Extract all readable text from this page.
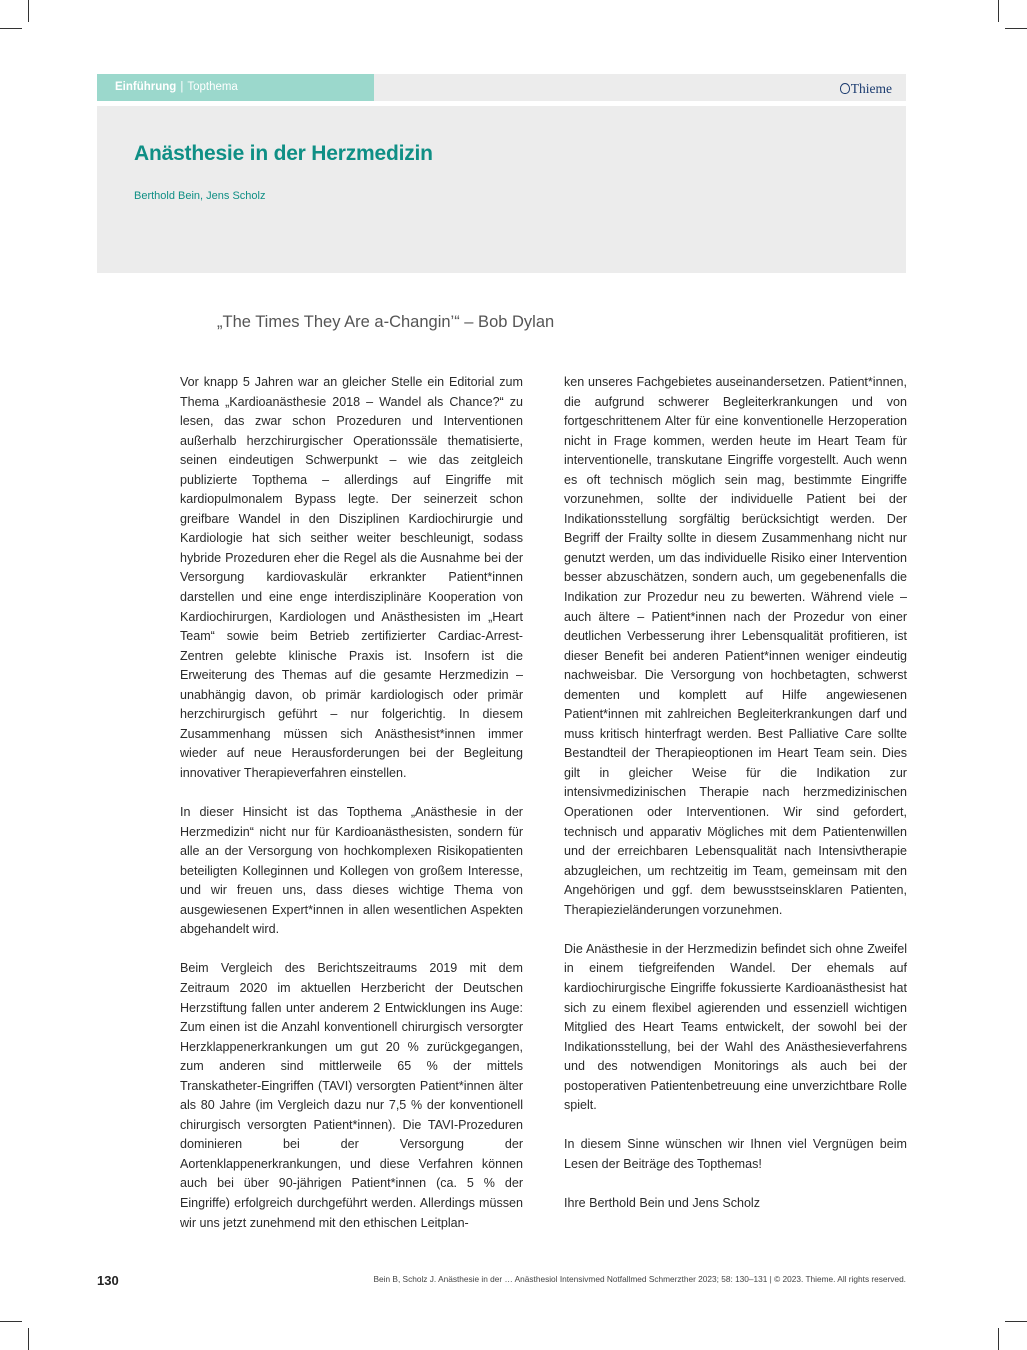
Einführung | Topthema	Thieme
Anästhesie in der Herzmedizin
Berthold Bein, Jens Scholz
„The Times They Are a-Changin’“ – Bob Dylan

Vor knapp 5 Jahren war an gleicher Stelle ein Editorial zum Thema „Kardioanästhesie 2018 – Wandel als Chance?“ zu lesen, das zwar schon Prozeduren und Interventionen außerhalb herzchirurgischer Operationssäle thematisierte, seinen eindeutigen Schwerpunkt – wie das zeitgleich publizierte Topthema – allerdings auf Eingriffe mit kardiopulmonalem Bypass legte. Der seinerzeit schon greifbare Wandel in den Disziplinen Kardiochirurgie und Kardiologie hat sich seither weiter beschleunigt, sodass hybride Prozeduren eher die Regel als die Ausnahme bei der Versorgung kardiovaskulär erkrankter Patient*innen darstellen und eine enge interdisziplinäre Kooperation von Kardiochirurgen, Kardiologen und Anästhesisten im „Heart Team“ sowie beim Betrieb zertifizierter Cardiac-Arrest-Zentren gelebte klinische Praxis ist. Insofern ist die Erweiterung des Themas auf die gesamte Herzmedizin – unabhängig davon, ob primär kardiologisch oder primär herzchirurgisch geführt – nur folgerichtig. In diesem Zusammenhang müssen sich Anästhesist*innen immer wieder auf neue Herausforderungen bei der Begleitung innovativer Therapieverfahren einstellen.

In dieser Hinsicht ist das Topthema „Anästhesie in der Herzmedizin“ nicht nur für Kardioanästhesisten, sondern für alle an der Versorgung von hochkomplexen Risikopatienten beteiligten Kolleginnen und Kollegen von großem Interesse, und wir freuen uns, dass dieses wichtige Thema von ausgewiesenen Expert*innen in allen wesentlichen Aspekten abgehandelt wird.

Beim Vergleich des Berichtszeitraums 2019 mit dem Zeitraum 2020 im aktuellen Herzbericht der Deutschen Herzstiftung fallen unter anderem 2 Entwicklungen ins Auge: Zum einen ist die Anzahl konventionell chirurgisch versorgter Herzklappenerkrankungen um gut 20 % zurückgegangen, zum anderen sind mittlerweile 65 % der mittels Transkatheter-Eingriffen (TAVI) versorgten Patient*innen älter als 80 Jahre (im Vergleich dazu nur 7,5 % der konventionell chirurgisch versorgten Patient*innen). Die TAVI-Prozeduren dominieren bei der Versorgung der Aortenklappenerkrankungen, und diese Verfahren können auch bei über 90-jährigen Patient*innen (ca. 5 % der Eingriffe) erfolgreich durchgeführt werden. Allerdings müssen wir uns jetzt zunehmend mit den ethischen Leitplan-

ken unseres Fachgebietes auseinandersetzen. Patient*innen, die aufgrund schwerer Begleiterkrankungen und von fortgeschrittenem Alter für eine konventionelle Herzoperation nicht in Frage kommen, werden heute im Heart Team für interventionelle, transkutane Eingriffe vorgestellt. Auch wenn es oft technisch möglich sein mag, bestimmte Eingriffe vorzunehmen, sollte der individuelle Patient bei der Indikationsstellung sorgfältig berücksichtigt werden. Der Begriff der Frailty sollte in diesem Zusammenhang nicht nur genutzt werden, um das individuelle Risiko einer Intervention besser abzuschätzen, sondern auch, um gegebenenfalls die Indikation zur Prozedur neu zu bewerten. Während viele – auch ältere – Patient*innen nach der Prozedur von einer deutlichen Verbesserung ihrer Lebensqualität profitieren, ist dieser Benefit bei anderen Patient*innen weniger eindeutig nachweisbar. Die Versorgung von hochbetagten, schwerst dementen und komplett auf Hilfe angewiesenen Patient*innen mit zahlreichen Begleiterkrankungen darf und muss kritisch hinterfragt werden. Best Palliative Care sollte Bestandteil der Therapieoptionen im Heart Team sein. Dies gilt in gleicher Weise für die Indikation zur intensivmedizinischen Therapie nach herzmedizinischen Operationen oder Interventionen. Wir sind gefordert, technisch und apparativ Mögliches mit dem Patientenwillen und der erreichbaren Lebensqualität nach Intensivtherapie abzugleichen, um rechtzeitig im Team, gemeinsam mit den Angehörigen und ggf. dem bewusstseinsklaren Patienten, Therapiezieländerungen vorzunehmen.

Die Anästhesie in der Herzmedizin befindet sich ohne Zweifel in einem tiefgreifenden Wandel. Der ehemals auf kardiochirurgische Eingriffe fokussierte Kardioanästhesist hat sich zu einem flexibel agierenden und essenziell wichtigen Mitglied des Heart Teams entwickelt, der sowohl bei der Indikationsstellung, bei der Wahl des Anästhesieverfahrens und des notwendigen Monitorings als auch bei der postoperativen Patientenbetreuung eine unverzichtbare Rolle spielt.

In diesem Sinne wünschen wir Ihnen viel Vergnügen beim Lesen der Beiträge des Topthemas!

Ihre Berthold Bein und Jens Scholz

130	Bein B, Scholz J. Anästhesie in der … Anästhesiol Intensivmed Notfallmed Schmerzther 2023; 58: 130–131 | © 2023. Thieme. All rights reserved.
